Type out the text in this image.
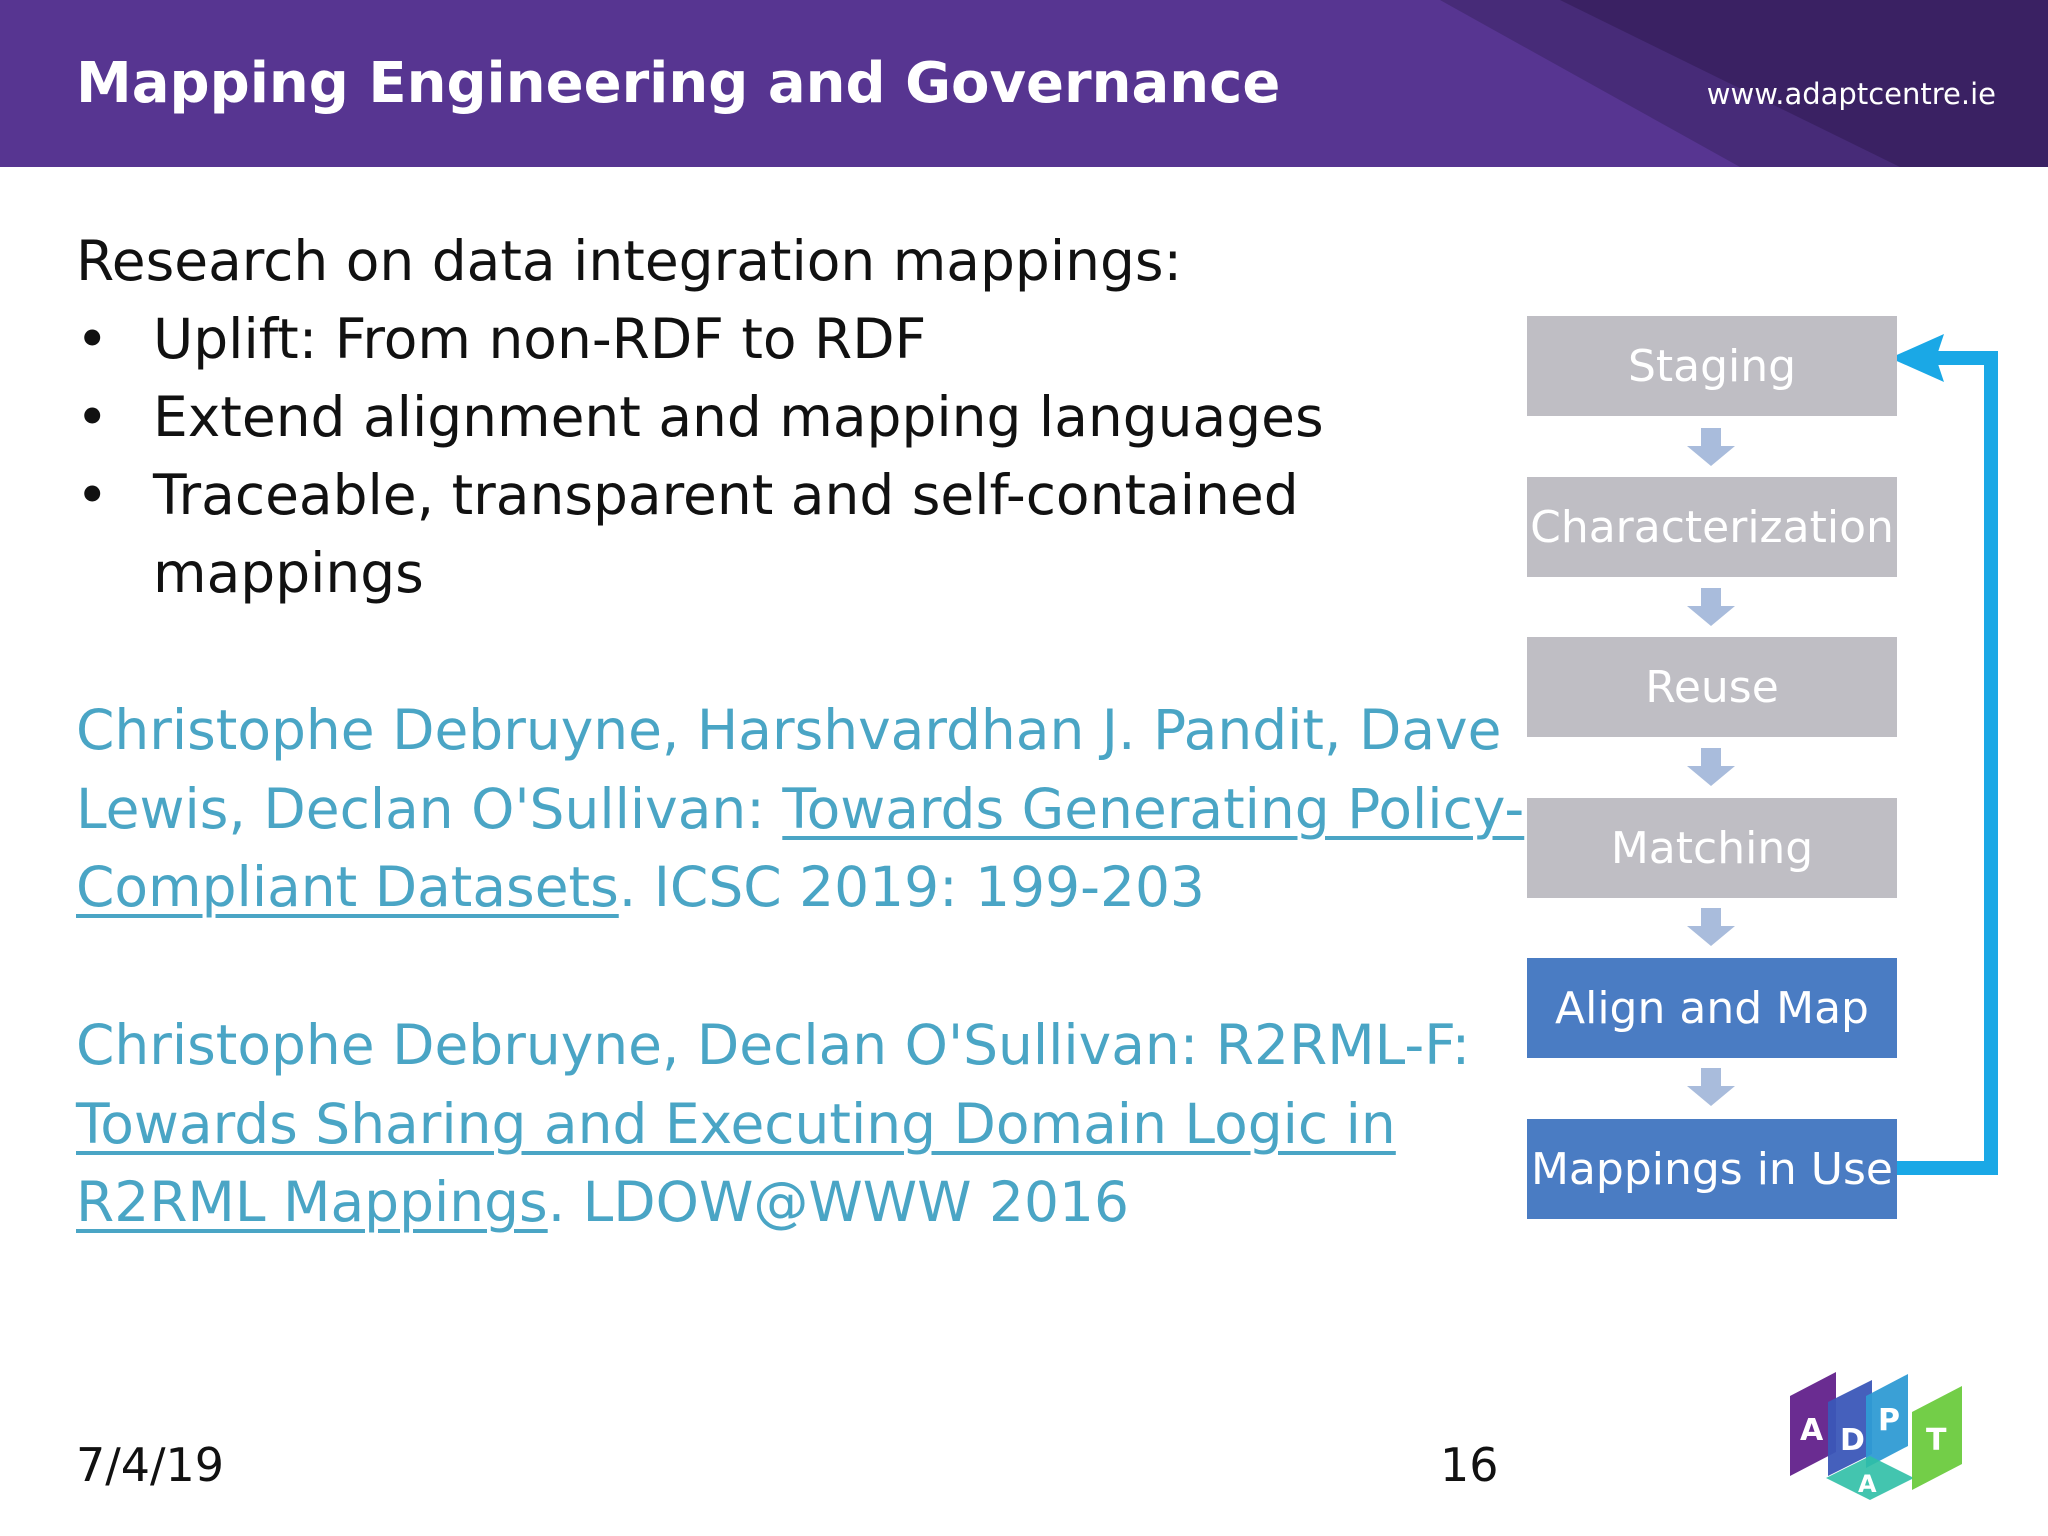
Mapping Engineering and Governance	www.adaptcentre.ie
Research on data integration mappings:
• Uplift: From non-RDF to RDF
• Extend alignment and mapping languages
• Traceable, transparent and self-contained
mappings
Christophe Debruyne, Harshvardhan J. Pandit, Dave
Lewis, Declan O'Sullivan: Towards Generating Policy-
Compliant Datasets. ICSC 2019: 199-203
Christophe Debruyne, Declan O'Sullivan: R2RML-F:
Towards Sharing and Executing Domain Logic in
R2RML Mappings. LDOW@WWW 2016
Staging
Characterization
Reuse
Matching
Align and Map
Mappings in Use
7/4/19	16
A D
P
A
T
